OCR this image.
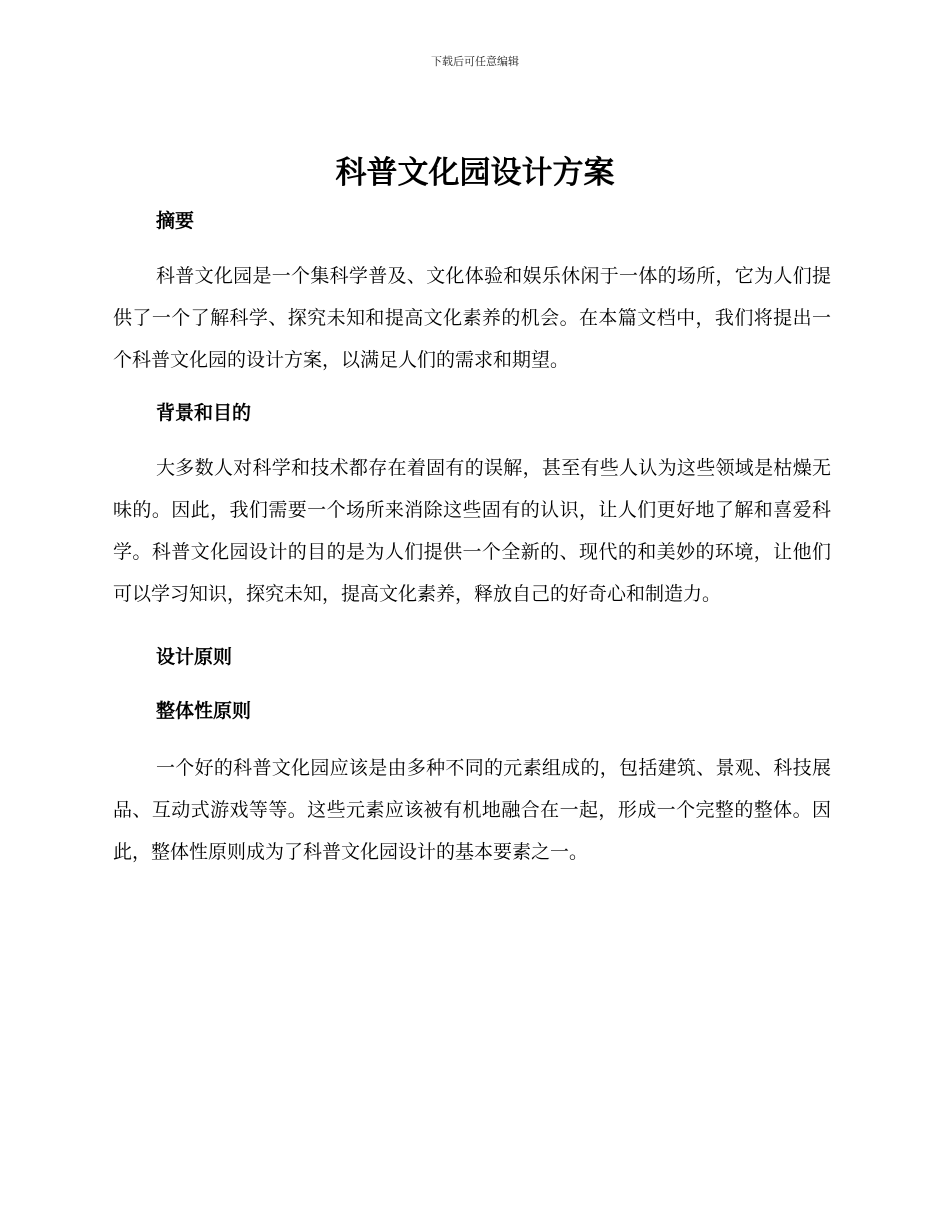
下载后可任意编辑
科普文化园设计方案
摘要

科普文化园是一个集科学普及、文化体验和娱乐休闲于一体的场所，它为人们提供了一个了解科学、探究未知和提高文化素养的机会。在本篇文档中，我们将提出一个科普文化园的设计方案，以满足人们的需求和期望。

背景和目的

大多数人对科学和技术都存在着固有的误解，甚至有些人认为这些领域是枯燥无味的。因此，我们需要一个场所来消除这些固有的认识，让人们更好地了解和喜爱科学。科普文化园设计的目的是为人们提供一个全新的、现代的和美妙的环境，让他们可以学习知识，探究未知，提高文化素养，释放自己的好奇心和制造力。

设计原则
整体性原则

一个好的科普文化园应该是由多种不同的元素组成的，包括建筑、景观、科技展品、互动式游戏等等。这些元素应该被有机地融合在一起，形成一个完整的整体。因此，整体性原则成为了科普文化园设计的基本要素之一。
